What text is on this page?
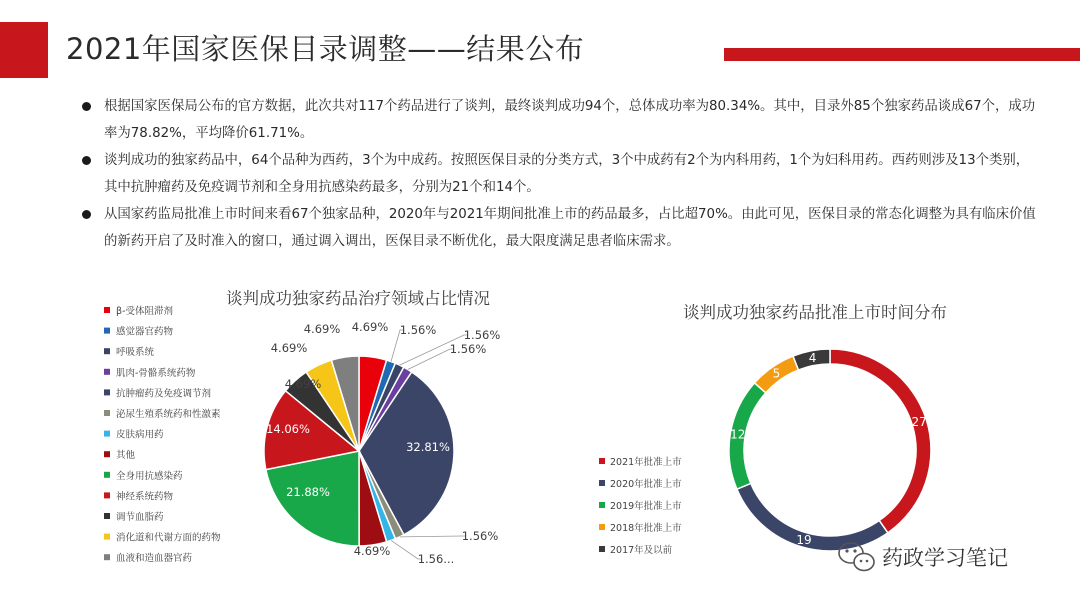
2021年国家医保目录调整——结果公布
根据国家医保局公布的官方数据，此次共对117个药品进行了谈判，最终谈判成功94个，总体成功率为80.34%。其中，目录外85个独家药品谈成67个，成功率为78.82%，平均降价61.71%。
谈判成功的独家药品中，64个品种为西药，3个为中成药。按照医保目录的分类方式，3个中成药有2个为内科用药，1个为妇科用药。西药则涉及13个类别，其中抗肿瘤药及免疫调节剂和全身用抗感染药最多，分别为21个和14个。
从国家药监局批准上市时间来看67个独家品种，2020年与2021年期间批准上市的药品最多，占比超70%。由此可见，医保目录的常态化调整为具有临床价值的新药开启了及时准入的窗口，通过调入调出，医保目录不断优化，最大限度满足患者临床需求。
谈判成功独家药品治疗领域占比情况
β-受体阻滞剂
感觉器官药物
呼吸系统
肌肉-骨骼系统药物
抗肿瘤药及免疫调节剂
泌尿生殖系统药和性激素
皮肤病用药
其他
全身用抗感染药
神经系统药物
调节血脂药
消化道和代谢方面的药物
血液和造血器官药
4.69% 1.56% 1.56%
1.56%
32.81%
1.56%
1.56...
4.69%
21.88%
14.06%
4.69%
4.69%
4.69%
谈判成功独家药品批准上市时间分布
2021年批准上市
2020年批准上市
2019年批准上市
2018年批准上市
2017年及以前
27
19
12
5
4
药政学习笔记
